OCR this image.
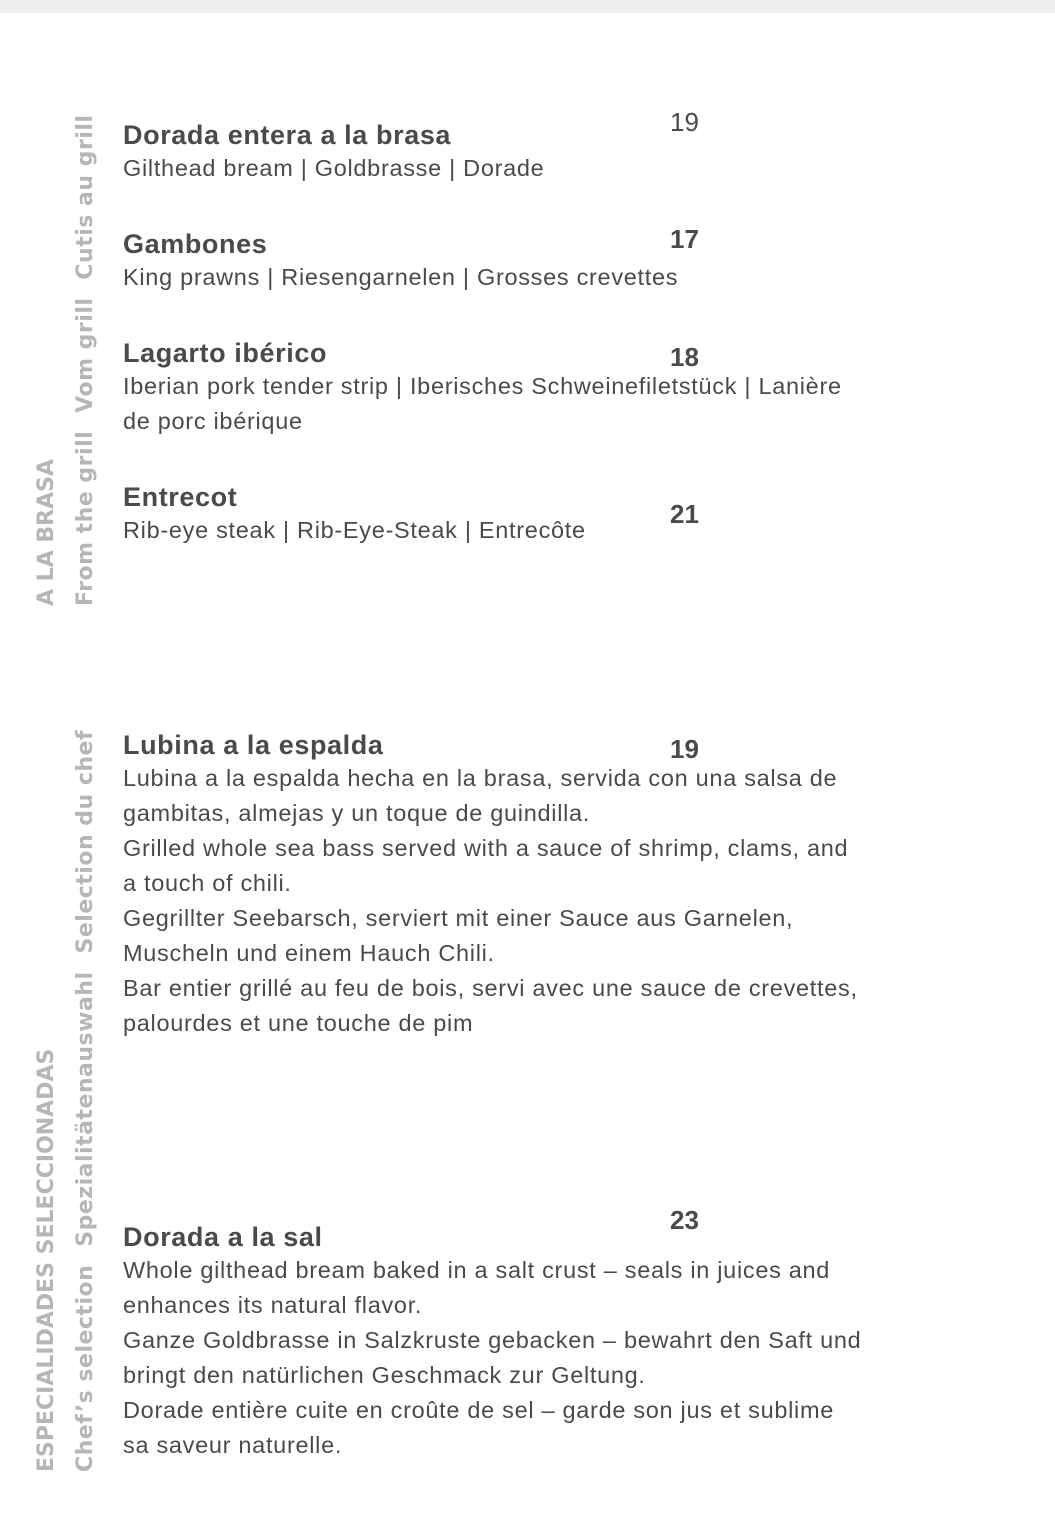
A LA BRASA From the grillVom grillCutis au grill
ESPECIALIDADES SELECCIONADAS Chef’s selectionSpezialitätenauswahlSelection du chef

Dorada entera a la brasa

Gilthead bream | Goldbrasse | Dorade

19

Gambones

King prawns | Riesengarnelen | Grosses crevettes

17

Lagarto ibérico

Iberian pork tender strip | Iberisches Schweinefiletstück | Lanière

de porc ibérique

18

Entrecot

Rib-eye steak | Rib-Eye-Steak | Entrecôte

21

Lubina a la espalda

Lubina a la espalda hecha en la brasa, servida con una salsa de

gambitas, almejas y un toque de guindilla.

Grilled whole sea bass served with a sauce of shrimp, clams, and

a touch of chili.

Gegrillter Seebarsch, serviert mit einer Sauce aus Garnelen,

Muscheln und einem Hauch Chili.

Bar entier grillé au feu de bois, servi avec une sauce de crevettes,

palourdes et une touche de pim

19

Dorada a la sal

Whole gilthead bream baked in a salt crust – seals in juices and

enhances its natural flavor.

Ganze Goldbrasse in Salzkruste gebacken – bewahrt den Saft und

bringt den natürlichen Geschmack zur Geltung.

Dorade entière cuite en croûte de sel – garde son jus et sublime

sa saveur naturelle.

23
